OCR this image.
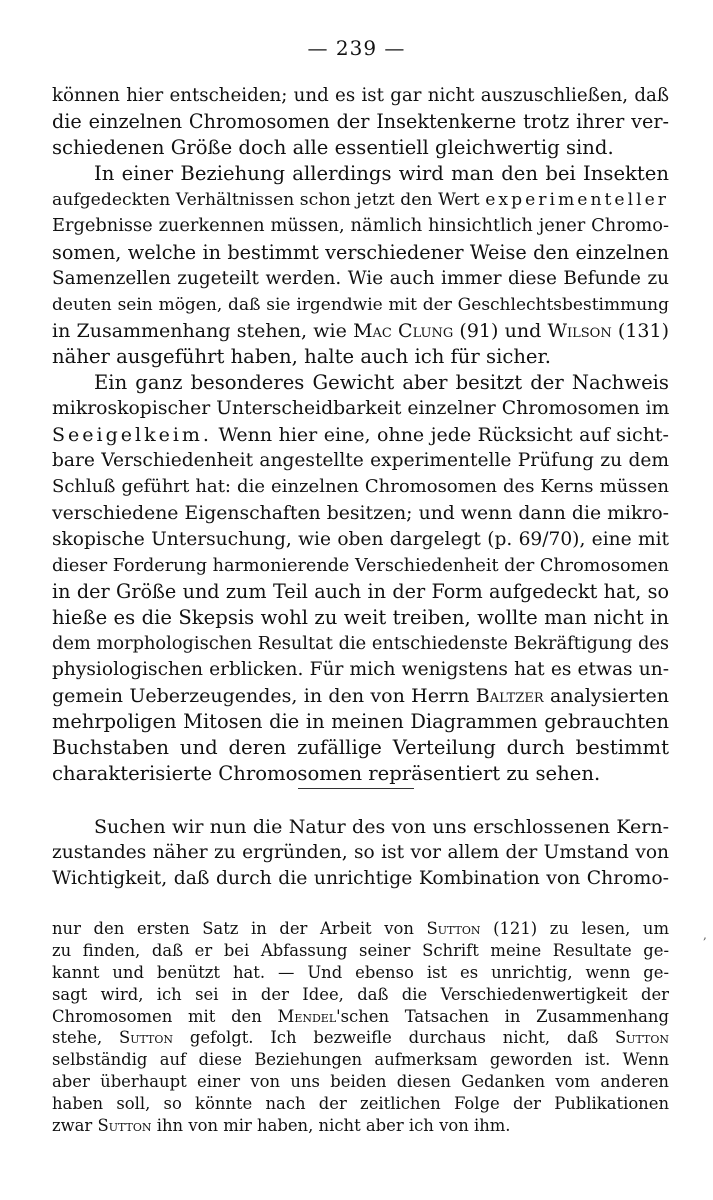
— 239 —
können hier entscheiden; und es ist gar nicht auszuschließen, daß
die einzelnen Chromosomen der Insektenkerne trotz ihrer ver-
schiedenen Größe doch alle essentiell gleichwertig sind.
In einer Beziehung allerdings wird man den bei Insekten
aufgedeckten Verhältnissen schon jetzt den Wert experimenteller
Ergebnisse zuerkennen müssen, nämlich hinsichtlich jener Chromo-
somen, welche in bestimmt verschiedener Weise den einzelnen
Samenzellen zugeteilt werden. Wie auch immer diese Befunde zu
deuten sein mögen, daß sie irgendwie mit der Geschlechtsbestimmung
in Zusammenhang stehen, wie Mac Clung (91) und Wilson (131)
näher ausgeführt haben, halte auch ich für sicher.
Ein ganz besonderes Gewicht aber besitzt der Nachweis
mikroskopischer Unterscheidbarkeit einzelner Chromosomen im
Seeigelkeim. Wenn hier eine, ohne jede Rücksicht auf sicht-
bare Verschiedenheit angestellte experimentelle Prüfung zu dem
Schluß geführt hat: die einzelnen Chromosomen des Kerns müssen
verschiedene Eigenschaften besitzen; und wenn dann die mikro-
skopische Untersuchung, wie oben dargelegt (p. 69/70), eine mit
dieser Forderung harmonierende Verschiedenheit der Chromosomen
in der Größe und zum Teil auch in der Form aufgedeckt hat, so
hieße es die Skepsis wohl zu weit treiben, wollte man nicht in
dem morphologischen Resultat die entschiedenste Bekräftigung des
physiologischen erblicken. Für mich wenigstens hat es etwas un-
gemein Ueberzeugendes, in den von Herrn Baltzer analysierten
mehrpoligen Mitosen die in meinen Diagrammen gebrauchten
Buchstaben und deren zufällige Verteilung durch bestimmt
charakterisierte Chromosomen repräsentiert zu sehen.
Suchen wir nun die Natur des von uns erschlossenen Kern-
zustandes näher zu ergründen, so ist vor allem der Umstand von
Wichtigkeit, daß durch die unrichtige Kombination von Chromo-
nur den ersten Satz in der Arbeit von Sutton (121) zu lesen, um
zu finden, daß er bei Abfassung seiner Schrift meine Resultate ge-
kannt und benützt hat. — Und ebenso ist es unrichtig, wenn ge-
sagt wird, ich sei in der Idee, daß die Verschiedenwertigkeit der
Chromosomen mit den Mendel'schen Tatsachen in Zusammenhang
stehe, Sutton gefolgt. Ich bezweifle durchaus nicht, daß Sutton
selbständig auf diese Beziehungen aufmerksam geworden ist. Wenn
aber überhaupt einer von uns beiden diesen Gedanken vom anderen
haben soll, so könnte nach der zeitlichen Folge der Publikationen
zwar Sutton ihn von mir haben, nicht aber ich von ihm.
,
